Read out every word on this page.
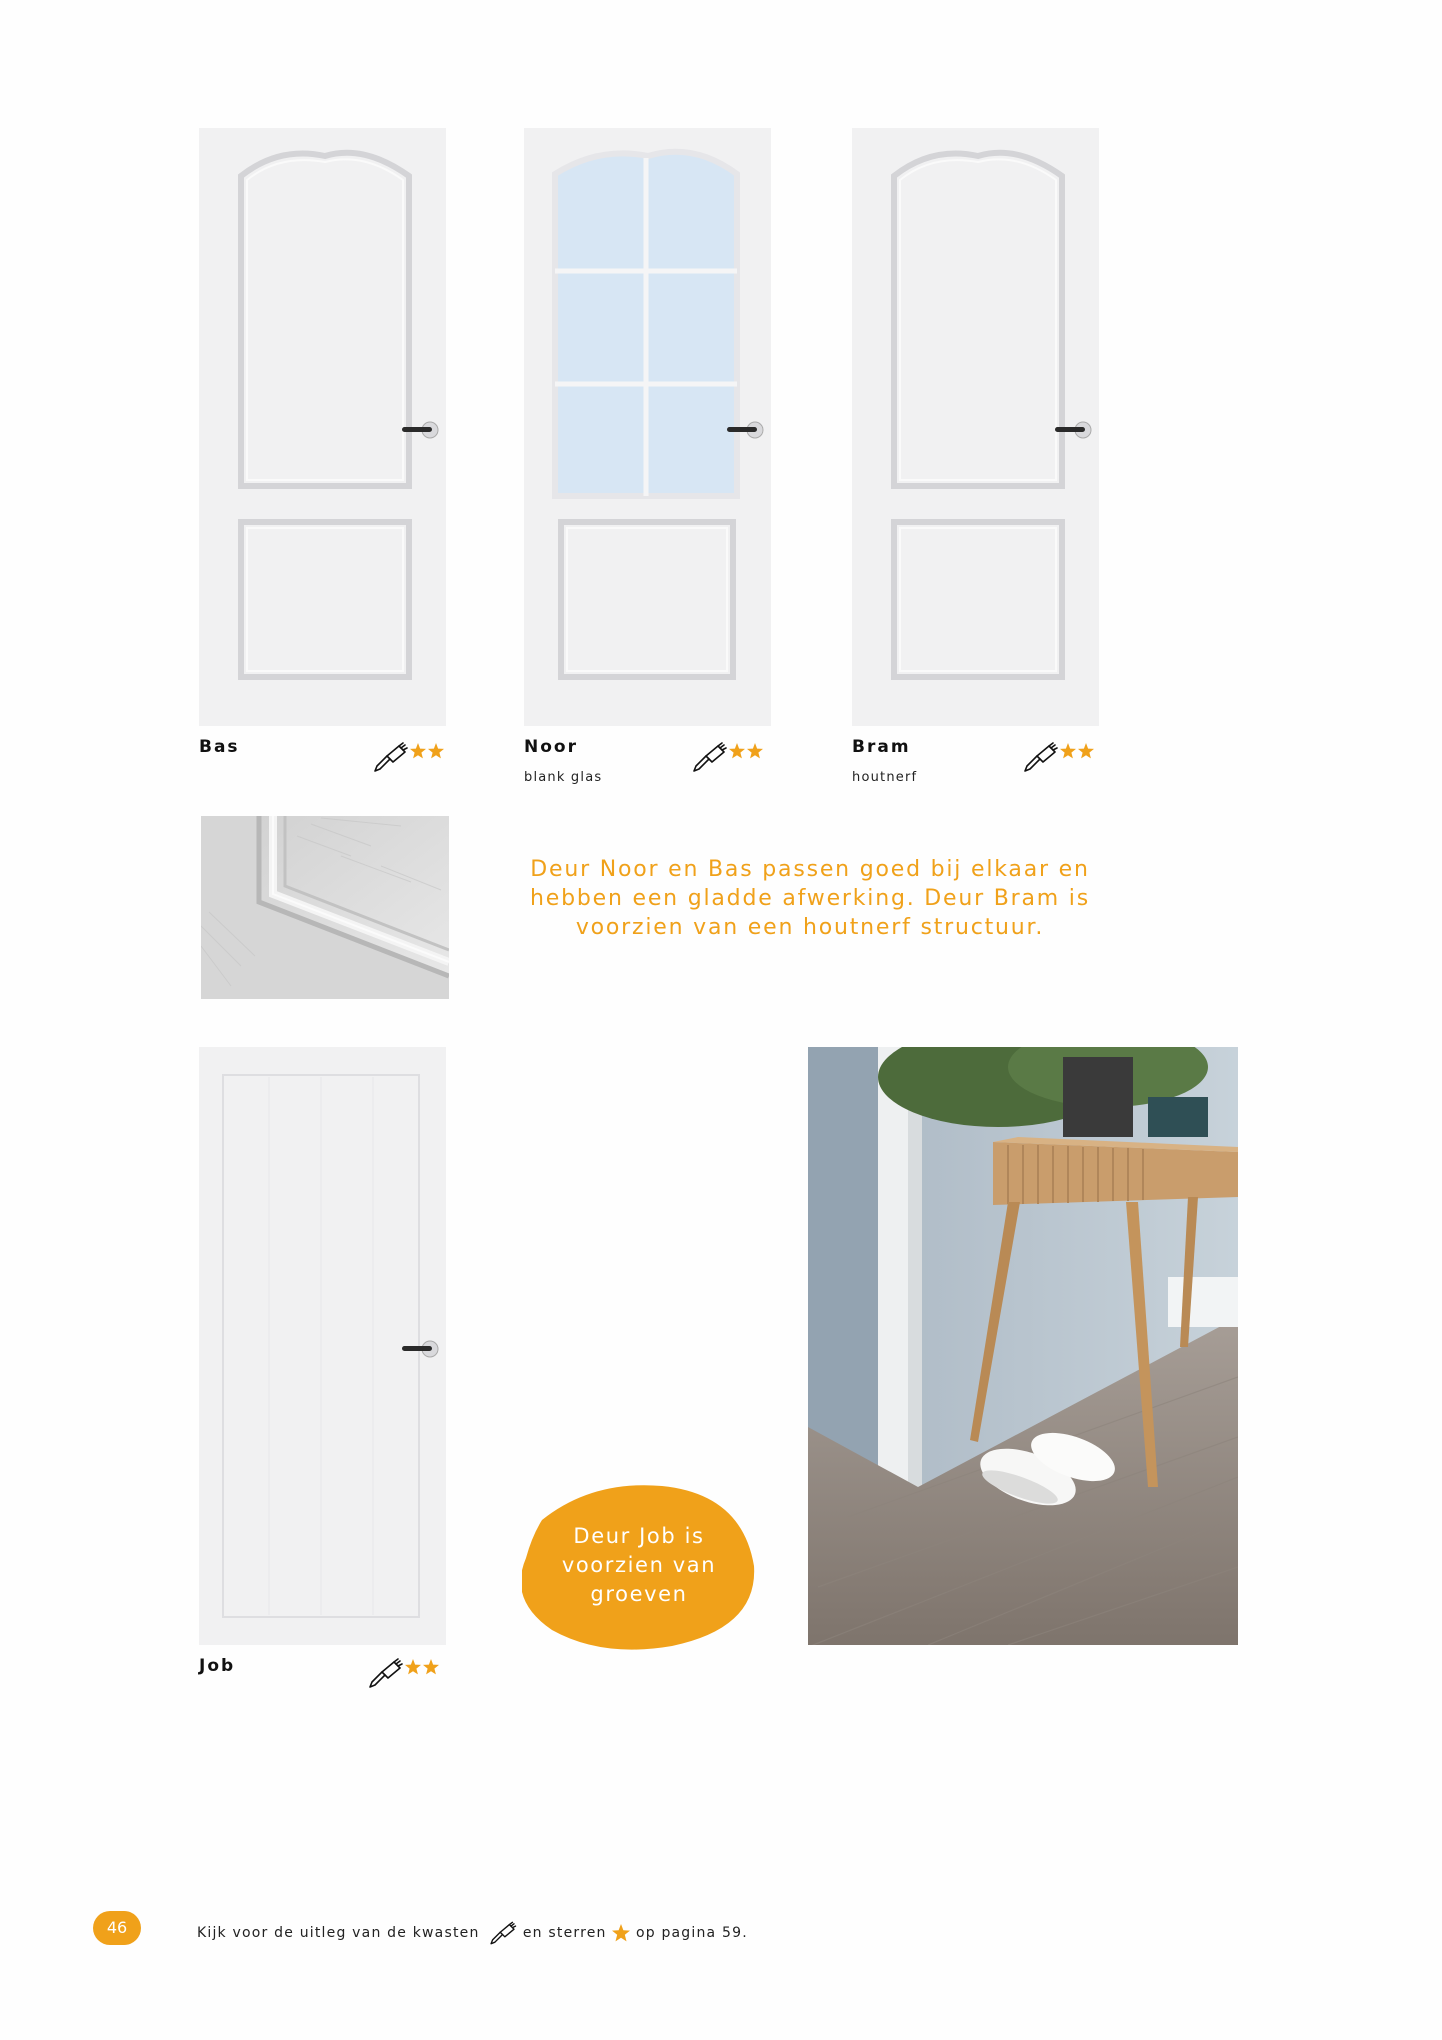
Bas	Noor
blank glas
Bram
houtnerf
Deur Noor en Bas passen goed bij elkaar en hebben een gladde afwerking. Deur Bram is voorzien van een houtnerf structuur.
Job
Deur Job is
voorzien van
groeven
46	Kijk voor de uitleg van de kwasten	en sterren op pagina 59.
